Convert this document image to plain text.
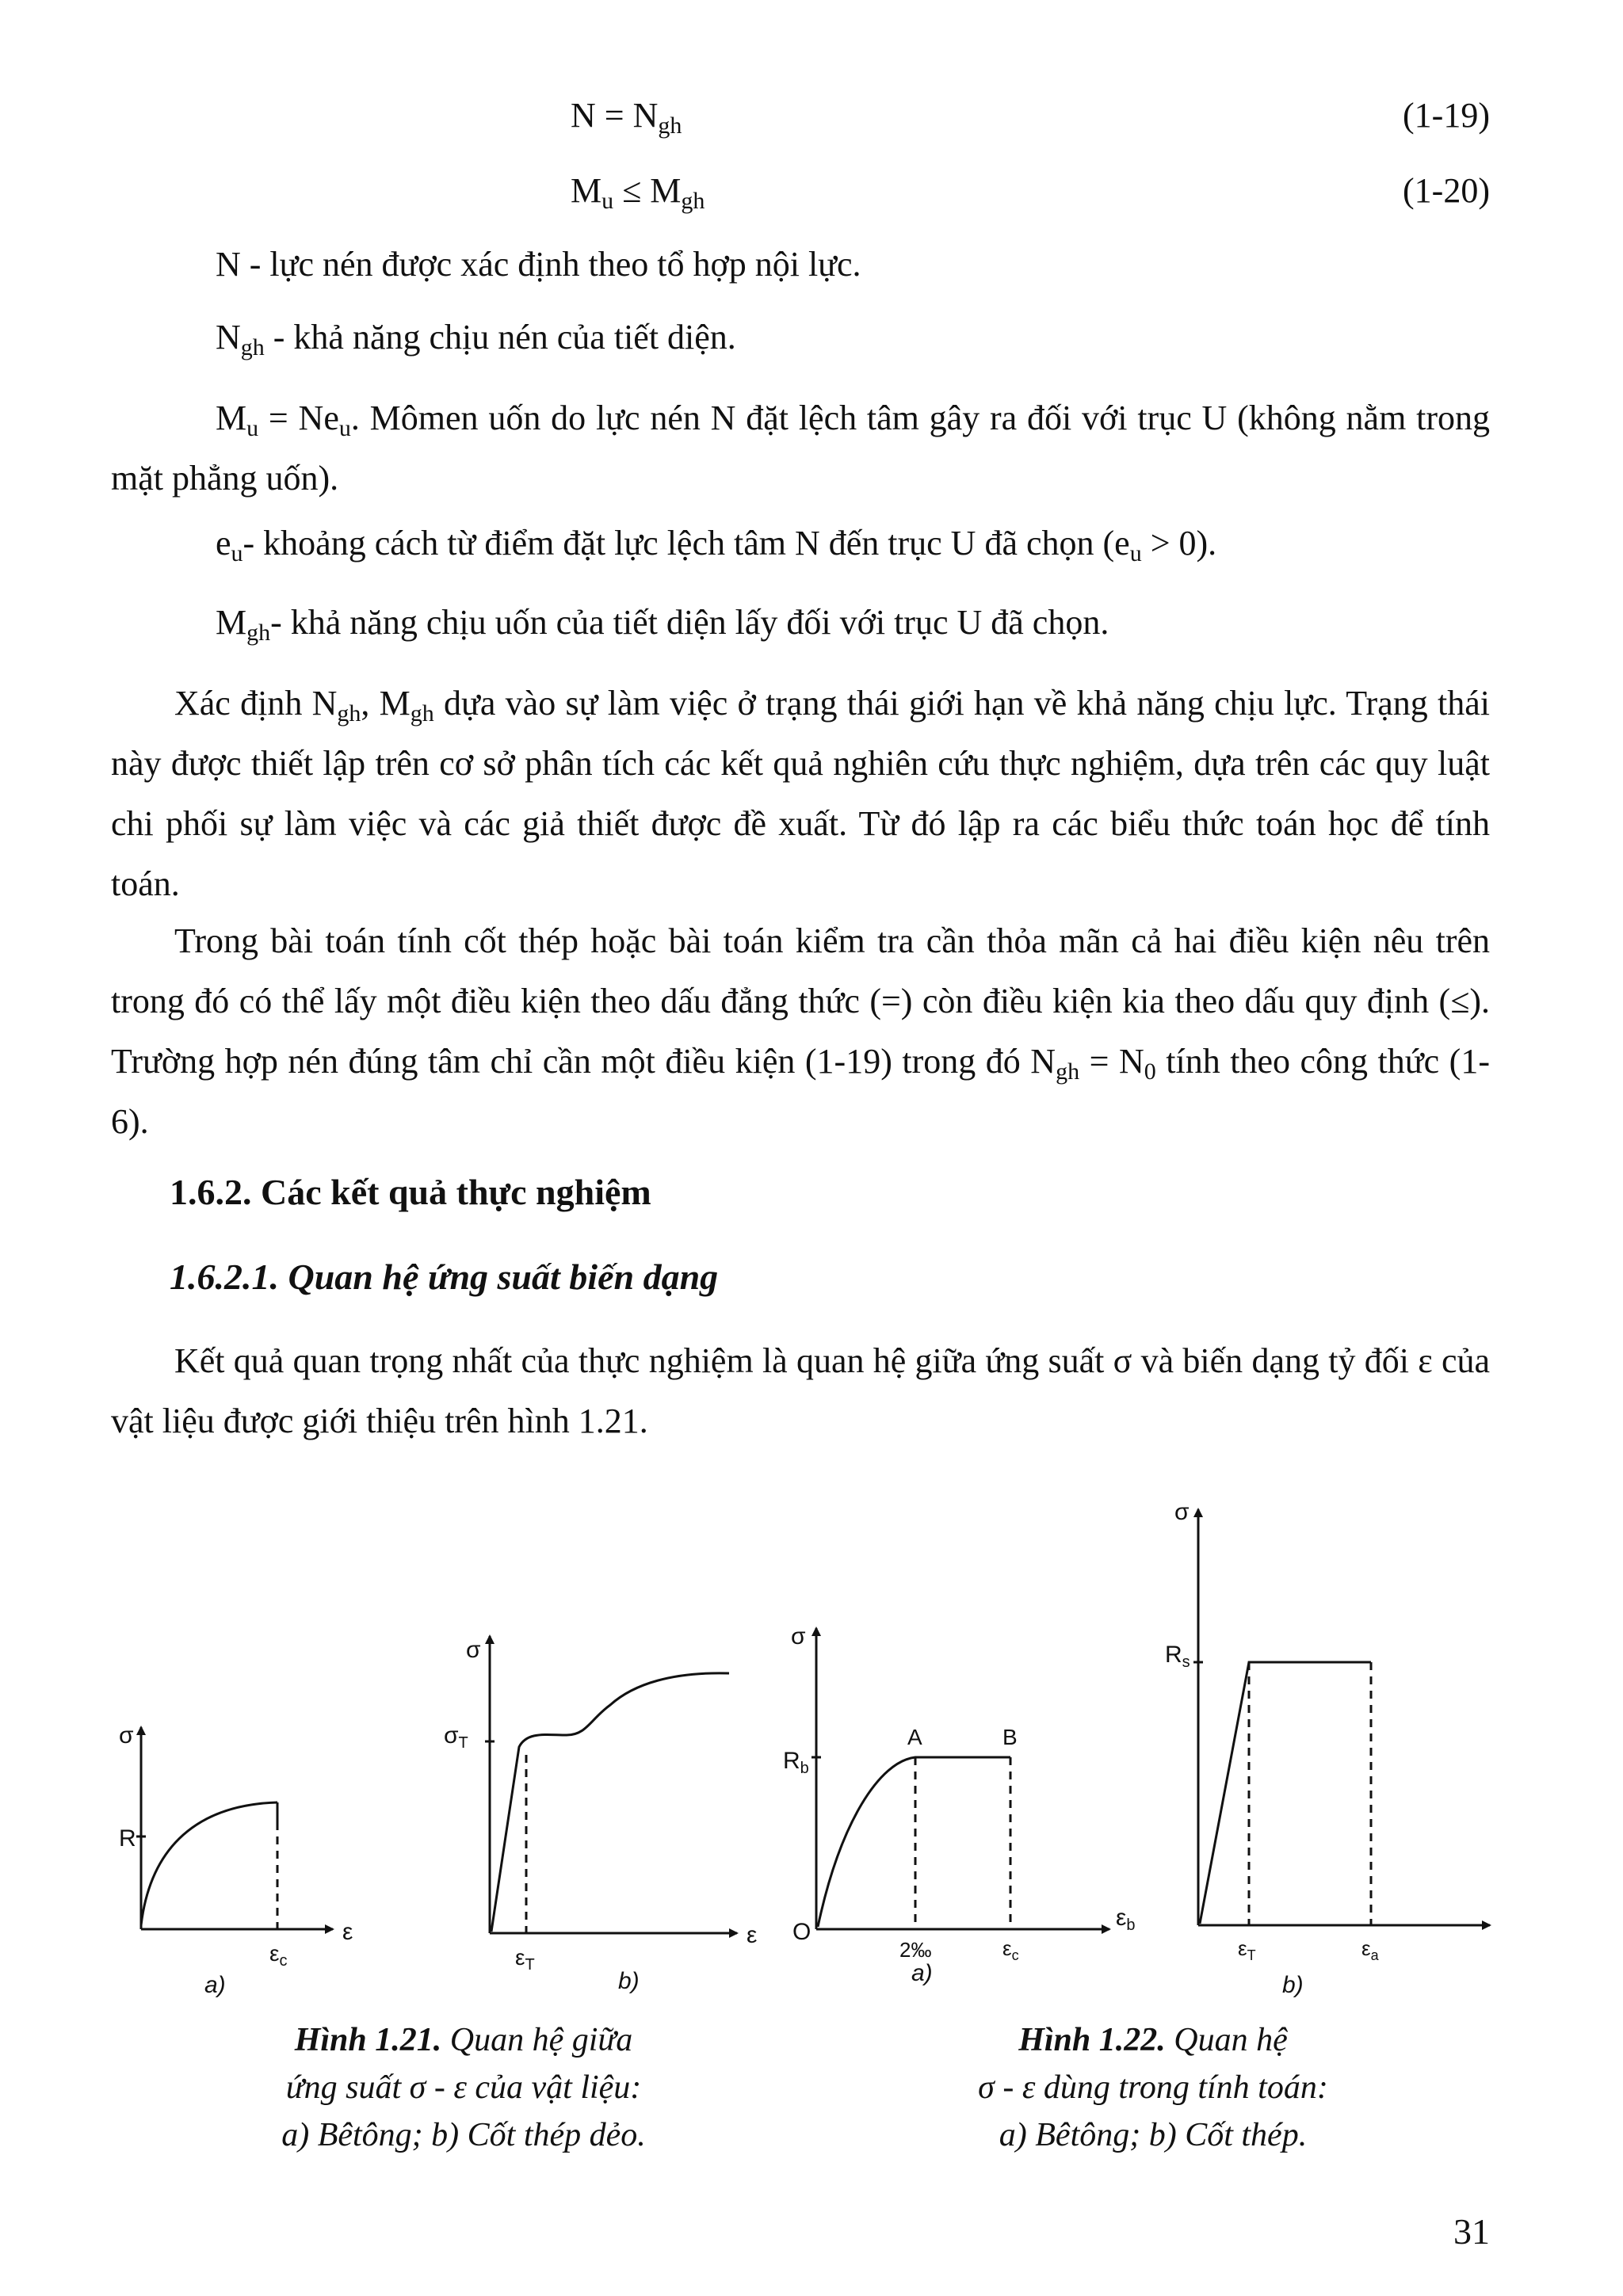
$N = N_{gh}$	(1-19)
$M_u \le M_{gh}$	(1-20)
N - lực nén được xác định theo tổ hợp nội lực.
$N_{gh}$ - khả năng chịu nén của tiết diện.

$M_u = Ne_u$. Mômen uốn do lực nén N đặt lệch tâm gây ra đối với trục U (không nằm trong mặt phẳng uốn).

$e_u-$ khoảng cách từ điểm đặt lực lệch tâm N đến trục U đã chọn $(e_u > 0)$.
$M_{gh}-$ khả năng chịu uốn của tiết diện lấy đối với trục U đã chọn.

Xác định $N_{gh}$, $M_{gh}$ dựa vào sự làm việc ở trạng thái giới hạn về khả năng chịu lực. Trạng thái này được thiết lập trên cơ sở phân tích các kết quả nghiên cứu thực nghiệm, dựa trên các quy luật chi phối sự làm việc và các giả thiết được đề xuất. Từ đó lập ra các biểu thức toán học để tính toán.

Trong bài toán tính cốt thép hoặc bài toán kiểm tra cần thỏa mãn cả hai điều kiện nêu trên trong đó có thể lấy một điều kiện theo dấu đẳng thức (=) còn điều kiện kia theo dấu quy định (≤). Trường hợp nén đúng tâm chỉ cần một điều kiện (1-19) trong đó $N_{gh} = N_0$ tính theo công thức (1-6).

1.6.2. Các kết quả thực nghiệm
1.6.2.1. Quan hệ ứng suất biến dạng

Kết quả quan trọng nhất của thực nghiệm là quan hệ giữa ứng suất σ và biến dạng tỷ đối ε của vật liệu được giới thiệu trên hình 1.21.

σ
R
ε
$\varepsilon_c$
a)
σ
$\sigma_T$
ε
$\varepsilon_T$
b)
σ
$R_b$
A	B
O
$\varepsilon_b$
2‰	$\varepsilon_c$
a)
σ
$R_s$
$\varepsilon_T$	$\varepsilon_a$
b)
Hình 1.21. Quan hệ giữa
ứng suất σ - ε của vật liệu:
a) Bêtông; b) Cốt thép dẻo.
Hình 1.22. Quan hệ
σ - ε dùng trong tính toán:
a) Bêtông; b) Cốt thép.
31
